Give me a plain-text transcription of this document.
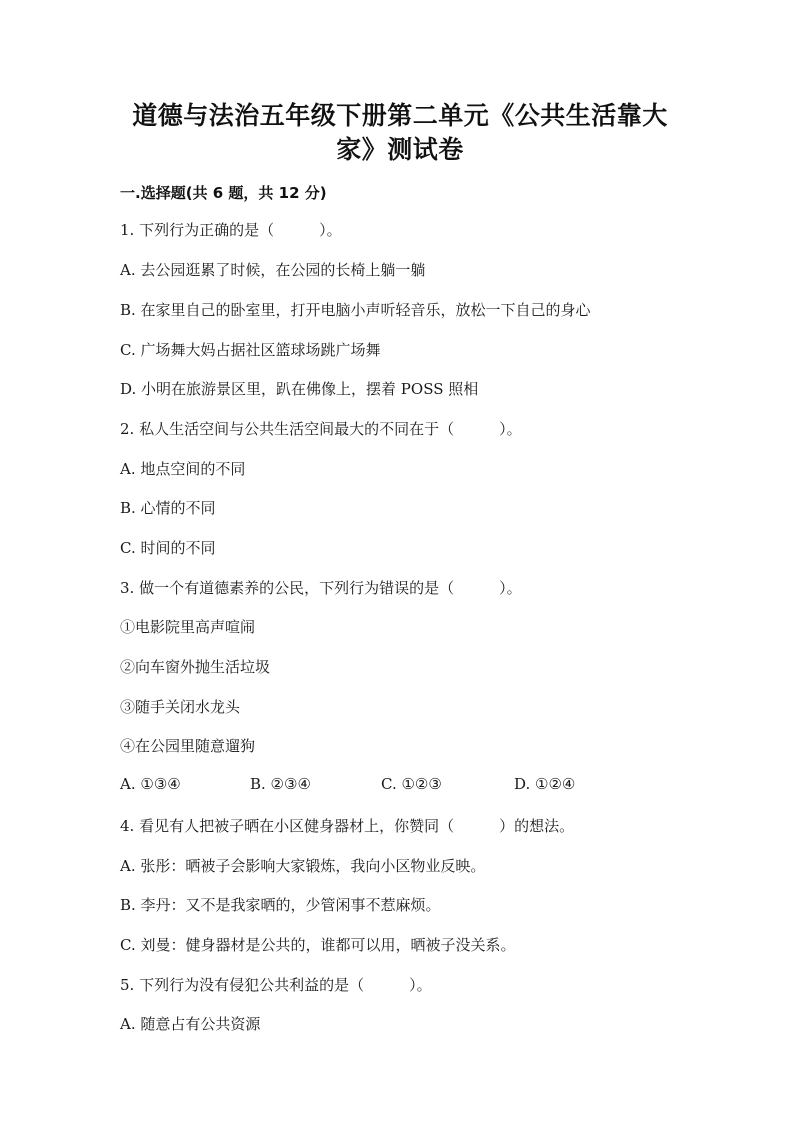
道德与法治五年级下册第二单元《公共生活靠大
家》测试卷
一.选择题(共 6 题，共 12 分)
1. 下列行为正确的是（　　　）。
A. 去公园逛累了时候，在公园的长椅上躺一躺
B. 在家里自己的卧室里，打开电脑小声听轻音乐，放松一下自己的身心
C. 广场舞大妈占据社区篮球场跳广场舞
D. 小明在旅游景区里，趴在佛像上，摆着 POSS 照相
2. 私人生活空间与公共生活空间最大的不同在于（　　　）。
A. 地点空间的不同
B. 心情的不同
C. 时间的不同
3. 做一个有道德素养的公民，下列行为错误的是（　　　）。
①电影院里高声喧闹
②向车窗外抛生活垃圾
③随手关闭水龙头
④在公园里随意遛狗
A. ①③④	B. ②③④	C. ①②③	D. ①②④
4. 看见有人把被子晒在小区健身器材上，你赞同（　　　）的想法。
A. 张彤：晒被子会影响大家锻炼，我向小区物业反映。
B. 李丹：又不是我家晒的，少管闲事不惹麻烦。
C. 刘曼：健身器材是公共的，谁都可以用，晒被子没关系。
5. 下列行为没有侵犯公共利益的是（　　　）。
A. 随意占有公共资源
